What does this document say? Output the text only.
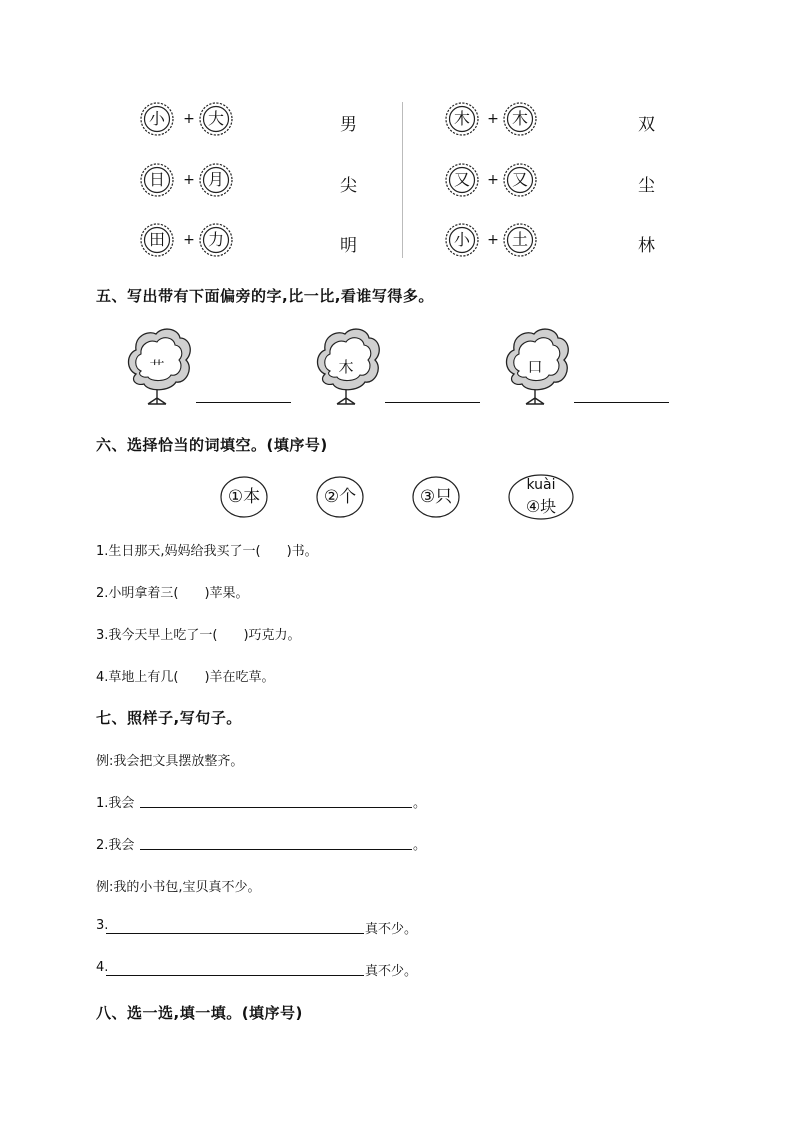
小	+ 大	男
日	+ 月	尖
田	+ 力	明
木	+ 木	双
又	+ 又	尘
小	+ 土	林
五、写出带有下面偏旁的字,比一比,看谁写得多。
艹	木	口
六、选择恰当的词填空。(填序号)
①本	②个	③只
kuài
④块
1.生日那天,妈妈给我买了一(　　)书。
2.小明拿着三(　　)苹果。
3.我今天早上吃了一(　　)巧克力。
4.草地上有几(　　)羊在吃草。
七、照样子,写句子。
例:我会把文具摆放整齐。
1.我会	。
2.我会	。
例:我的小书包,宝贝真不少。
3.	真不少。
4.	真不少。
八、选一选,填一填。(填序号)
